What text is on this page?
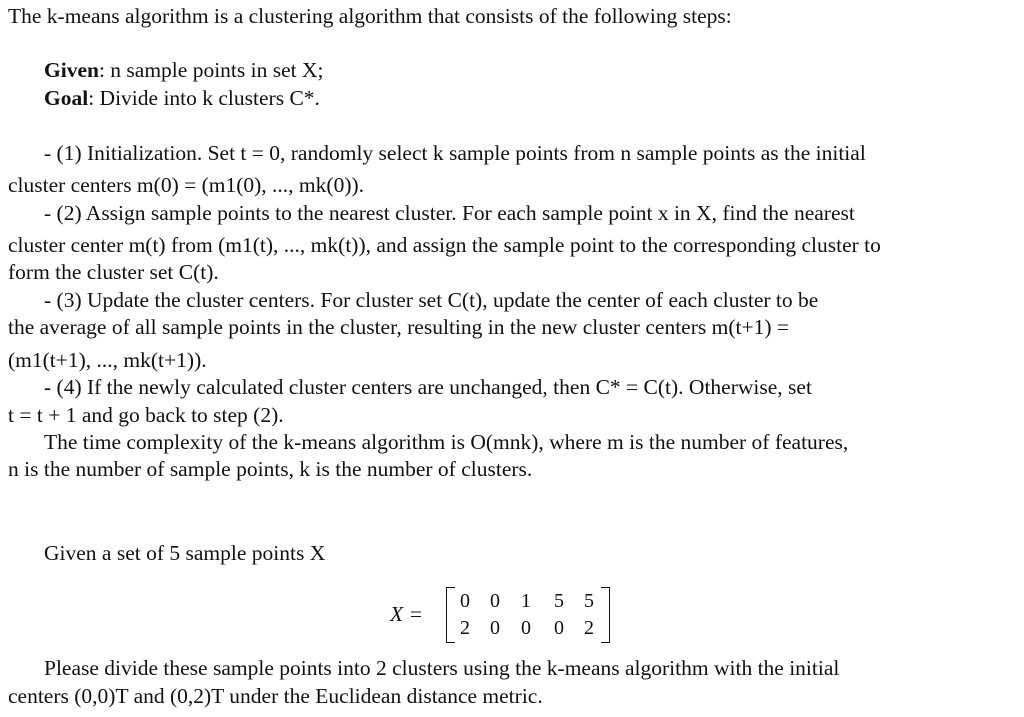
The k-means algorithm is a clustering algorithm that consists of the following steps:
Given: n sample points in set X;
Goal: Divide into k clusters C*.
- (1) Initialization. Set t = 0, randomly select k sample points from n sample points as the initial
cluster centers m(0) = (m1(0), ..., mk(0)).
- (2) Assign sample points to the nearest cluster. For each sample point x in X, find the nearest
cluster center m(t) from (m1(t), ..., mk(t)), and assign the sample point to the corresponding cluster to
form the cluster set C(t).
- (3) Update the cluster centers. For cluster set C(t), update the center of each cluster to be
the average of all sample points in the cluster, resulting in the new cluster centers m(t+1) =
(m1(t+1), ..., mk(t+1)).
- (4) If the newly calculated cluster centers are unchanged, then C* = C(t). Otherwise, set
t = t + 1 and go back to step (2).
The time complexity of the k-means algorithm is O(mnk), where m is the number of features,
n is the number of sample points, k is the number of clusters.
Given a set of 5 sample points X
X =
0	0	1	5	5
2	0	0	0	2
Please divide these sample points into 2 clusters using the k-means algorithm with the initial
centers (0,0)T and (0,2)T under the Euclidean distance metric.
